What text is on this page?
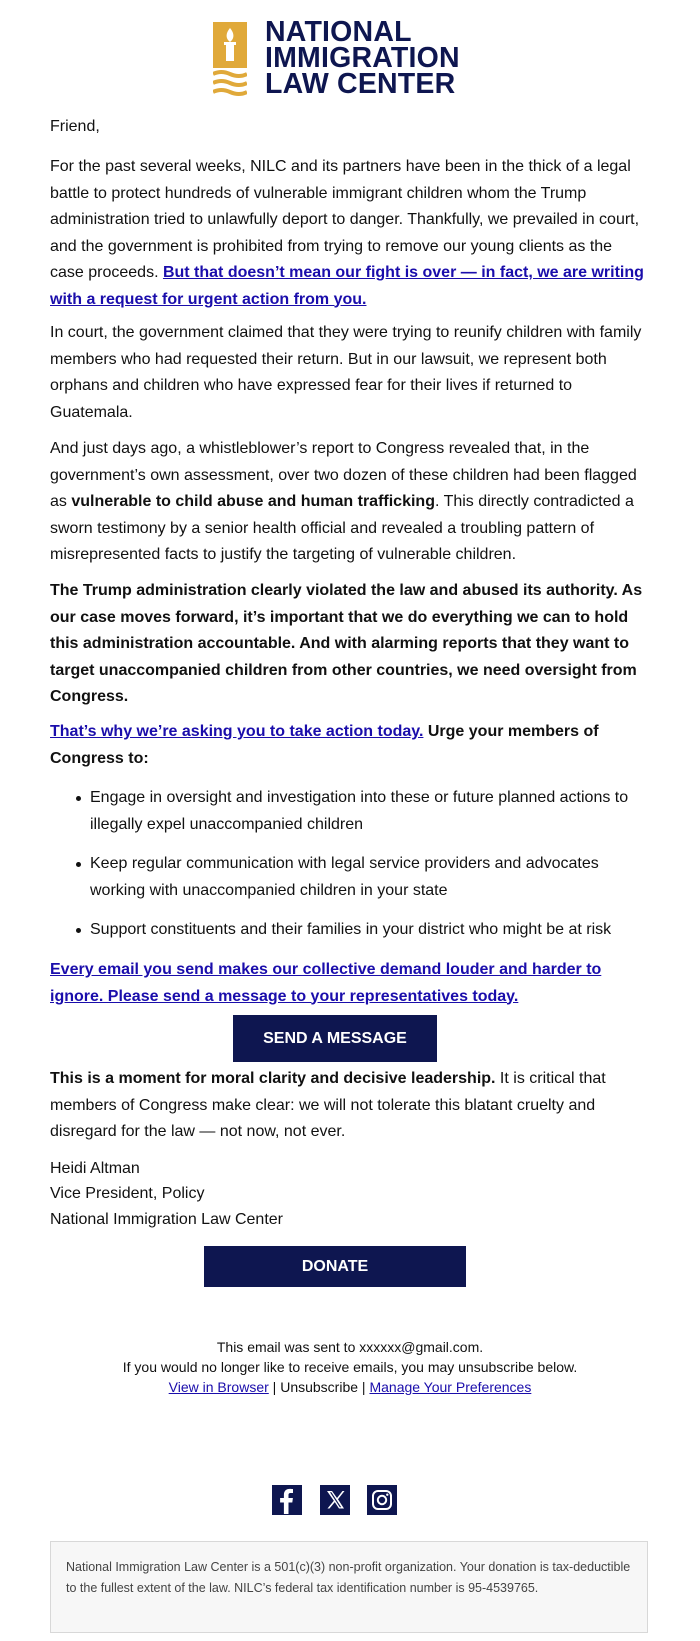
NATIONAL
IMMIGRATION
LAW CENTER

Friend,

For the past several weeks, NILC and its partners have been in the thick of a legal battle to protect hundreds of vulnerable immigrant children whom the Trump administration tried to unlawfully deport to danger. Thankfully, we prevailed in court, and the government is prohibited from trying to remove our young clients as the case proceeds. But that doesn’t mean our fight is over — in fact, we are writing with a request for urgent action from you.

In court, the government claimed that they were trying to reunify children with family members who had requested their return. But in our lawsuit, we represent both orphans and children who have expressed fear for their lives if returned to Guatemala.

And just days ago, a whistleblower’s report to Congress revealed that, in the government’s own assessment, over two dozen of these children had been flagged as vulnerable to child abuse and human trafficking. This directly contradicted a sworn testimony by a senior health official and revealed a troubling pattern of misrepresented facts to justify the targeting of vulnerable children.

The Trump administration clearly violated the law and abused its authority. As our case moves forward, it’s important that we do everything we can to hold this administration accountable. And with alarming reports that they want to target unaccompanied children from other countries, we need oversight from Congress.

That’s why we’re asking you to take action today. Urge your members of Congress to:

Engage in oversight and investigation into these or future planned actions to illegally expel unaccompanied children
Keep regular communication with legal service providers and advocates working with unaccompanied children in your state
Support constituents and their families in your district who might be at risk

Every email you send makes our collective demand louder and harder to ignore. Please send a message to your representatives today.

SEND A MESSAGE

This is a moment for moral clarity and decisive leadership. It is critical that members of Congress make clear: we will not tolerate this blatant cruelty and disregard for the law — not now, not ever.

Heidi Altman

Vice President, Policy

National Immigration Law Center

DONATE
This email was sent to xxxxxx@gmail.com.
If you would no longer like to receive emails, you may unsubscribe below.
View in Browser | Unsubscribe | Manage Your Preferences
National Immigration Law Center is a 501(c)(3) non-profit organization. Your donation is tax-deductible to the fullest extent of the law. NILC’s federal tax identification number is 95-4539765.
